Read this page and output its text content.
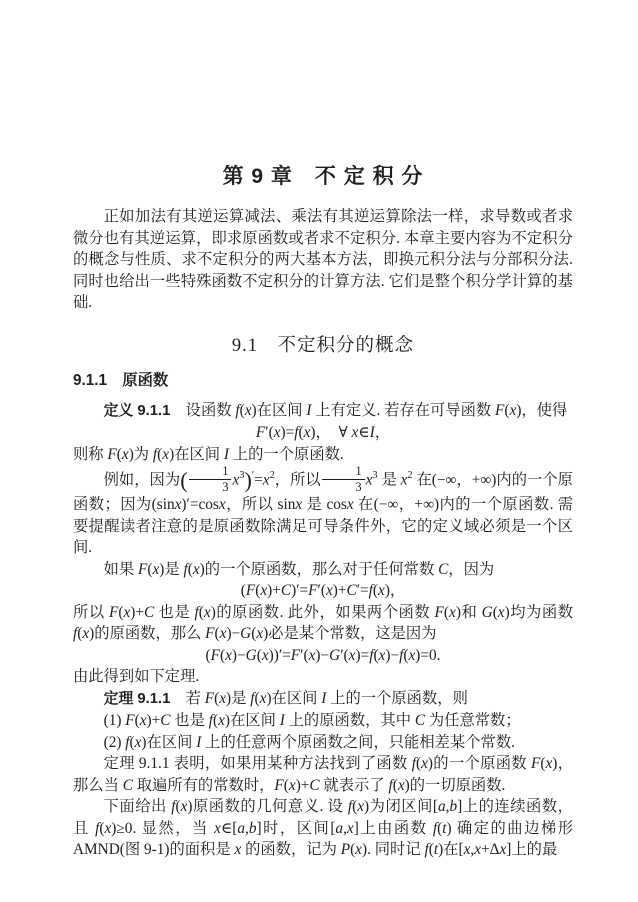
第 9 章　不 定 积 分

正如加法有其逆运算减法、乘法有其逆运算除法一样，求导数或者求微分也有其逆运算，即求原函数或者求不定积分. 本章主要内容为不定积分的概念与性质、求不定积分的两大基本方法，即换元积分法与分部积分法. 同时也给出一些特殊函数不定积分的计算方法. 它们是整个积分学计算的基础.

9.1　不定积分的概念
9.1.1　原函数

定义 9.1.1　设函数 f(x)在区间 I 上有定义. 若存在可导函数 F(x)，使得

F′(x)=f(x)，　∀ x∈I，

则称 F(x)为 f(x)在区间 I 上的一个原函数.

例如，因为( $\frac{1}{3} x^3)'=x^2$，所以 $\frac{1}{3} x^3$ 是 $x^2$ 在(−∞，+∞)内的一个原函数；因为(sinx)′=cosx，所以 sinx 是 cosx 在(−∞，+∞)内的一个原函数. 需要提醒读者注意的是原函数除满足可导条件外，它的定义域必须是一个区间.

如果 F(x)是 f(x)的一个原函数，那么对于任何常数 C，因为

(F(x)+C)′=F′(x)+C′=f(x)，

所以 F(x)+C 也是 f(x)的原函数. 此外，如果两个函数 F(x)和 G(x)均为函数 f(x)的原函数，那么 F(x)−G(x)必是某个常数，这是因为

(F(x)−G(x))′=F′(x)−G′(x)=f(x)−f(x)=0.

由此得到如下定理.

定理 9.1.1　若 F(x)是 f(x)在区间 I 上的一个原函数，则

(1) F(x)+C 也是 f(x)在区间 I 上的原函数，其中 C 为任意常数；

(2) f(x)在区间 I 上的任意两个原函数之间，只能相差某个常数.

定理 9.1.1 表明，如果用某种方法找到了函数 f(x)的一个原函数 F(x)，那么当 C 取遍所有的常数时，F(x)+C 就表示了 f(x)的一切原函数.

下面给出 f(x)原函数的几何意义. 设 f(x)为闭区间[a,b]上的连续函数，且 f(x)≥0. 显然，当 x∈[a,b]时，区间[a,x]上由函数 f(t) 确定的曲边梯形 AMND(图 9-1)的面积是 x 的函数，记为 P(x). 同时记 f(t)在[x,x+Δx]上的最
